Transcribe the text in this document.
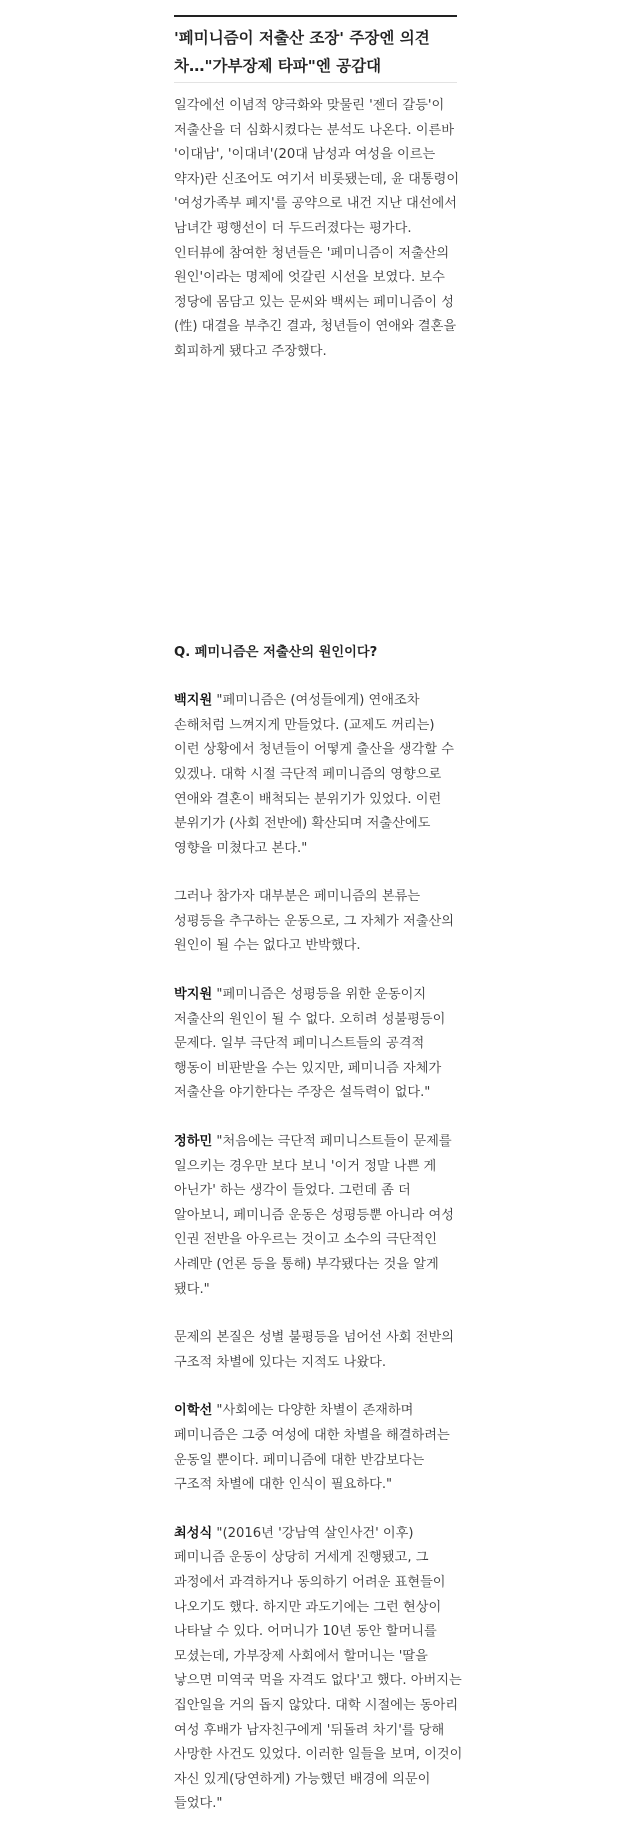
'페미니즘이 저출산 조장' 주장엔 의견차…"가부장제 타파"엔 공감대

일각에선 이념적 양극화와 맞물린 '젠더 갈등'이 저출산을 더 심화시켰다는 분석도 나온다. 이른바 '이대남', '이대녀'(20대 남성과 여성을 이르는 약자)란 신조어도 여기서 비롯됐는데, 윤 대통령이 '여성가족부 폐지'를 공약으로 내건 지난 대선에서 남녀간 평행선이 더 두드러졌다는 평가다. 인터뷰에 참여한 청년들은 '페미니즘이 저출산의 원인'이라는 명제에 엇갈린 시선을 보였다. 보수 정당에 몸담고 있는 문씨와 백씨는 페미니즘이 성(性) 대결을 부추긴 결과, 청년들이 연애와 결혼을 회피하게 됐다고 주장했다.

Q. 페미니즘은 저출산의 원인이다?

백지원 "페미니즘은 (여성들에게) 연애조차 손해처럼 느껴지게 만들었다. (교제도 꺼리는) 이런 상황에서 청년들이 어떻게 출산을 생각할 수 있겠나. 대학 시절 극단적 페미니즘의 영향으로 연애와 결혼이 배척되는 분위기가 있었다. 이런 분위기가 (사회 전반에) 확산되며 저출산에도 영향을 미쳤다고 본다."

그러나 참가자 대부분은 페미니즘의 본류는 성평등을 추구하는 운동으로, 그 자체가 저출산의 원인이 될 수는 없다고 반박했다.

박지원 "페미니즘은 성평등을 위한 운동이지 저출산의 원인이 될 수 없다. 오히려 성불평등이 문제다. 일부 극단적 페미니스트들의 공격적 행동이 비판받을 수는 있지만, 페미니즘 자체가 저출산을 야기한다는 주장은 설득력이 없다."

정하민 "처음에는 극단적 페미니스트들이 문제를 일으키는 경우만 보다 보니 '이거 정말 나쁜 게 아닌가' 하는 생각이 들었다. 그런데 좀 더 알아보니, 페미니즘 운동은 성평등뿐 아니라 여성 인권 전반을 아우르는 것이고 소수의 극단적인 사례만 (언론 등을 통해) 부각됐다는 것을 알게 됐다."

문제의 본질은 성별 불평등을 넘어선 사회 전반의 구조적 차별에 있다는 지적도 나왔다.

이학선 "사회에는 다양한 차별이 존재하며 페미니즘은 그중 여성에 대한 차별을 해결하려는 운동일 뿐이다. 페미니즘에 대한 반감보다는 구조적 차별에 대한 인식이 필요하다."

최성식 "(2016년 '강남역 살인사건' 이후) 페미니즘 운동이 상당히 거세게 진행됐고, 그 과정에서 과격하거나 동의하기 어려운 표현들이 나오기도 했다. 하지만 과도기에는 그런 현상이 나타날 수 있다. 어머니가 10년 동안 할머니를 모셨는데, 가부장제 사회에서 할머니는 '딸을 낳으면 미역국 먹을 자격도 없다'고 했다. 아버지는 집안일을 거의 돕지 않았다. 대학 시절에는 동아리 여성 후배가 남자친구에게 '뒤돌려 차기'를 당해 사망한 사건도 있었다. 이러한 일들을 보며, 이것이 자신 있게(당연하게) 가능했던 배경에 의문이 들었다."
